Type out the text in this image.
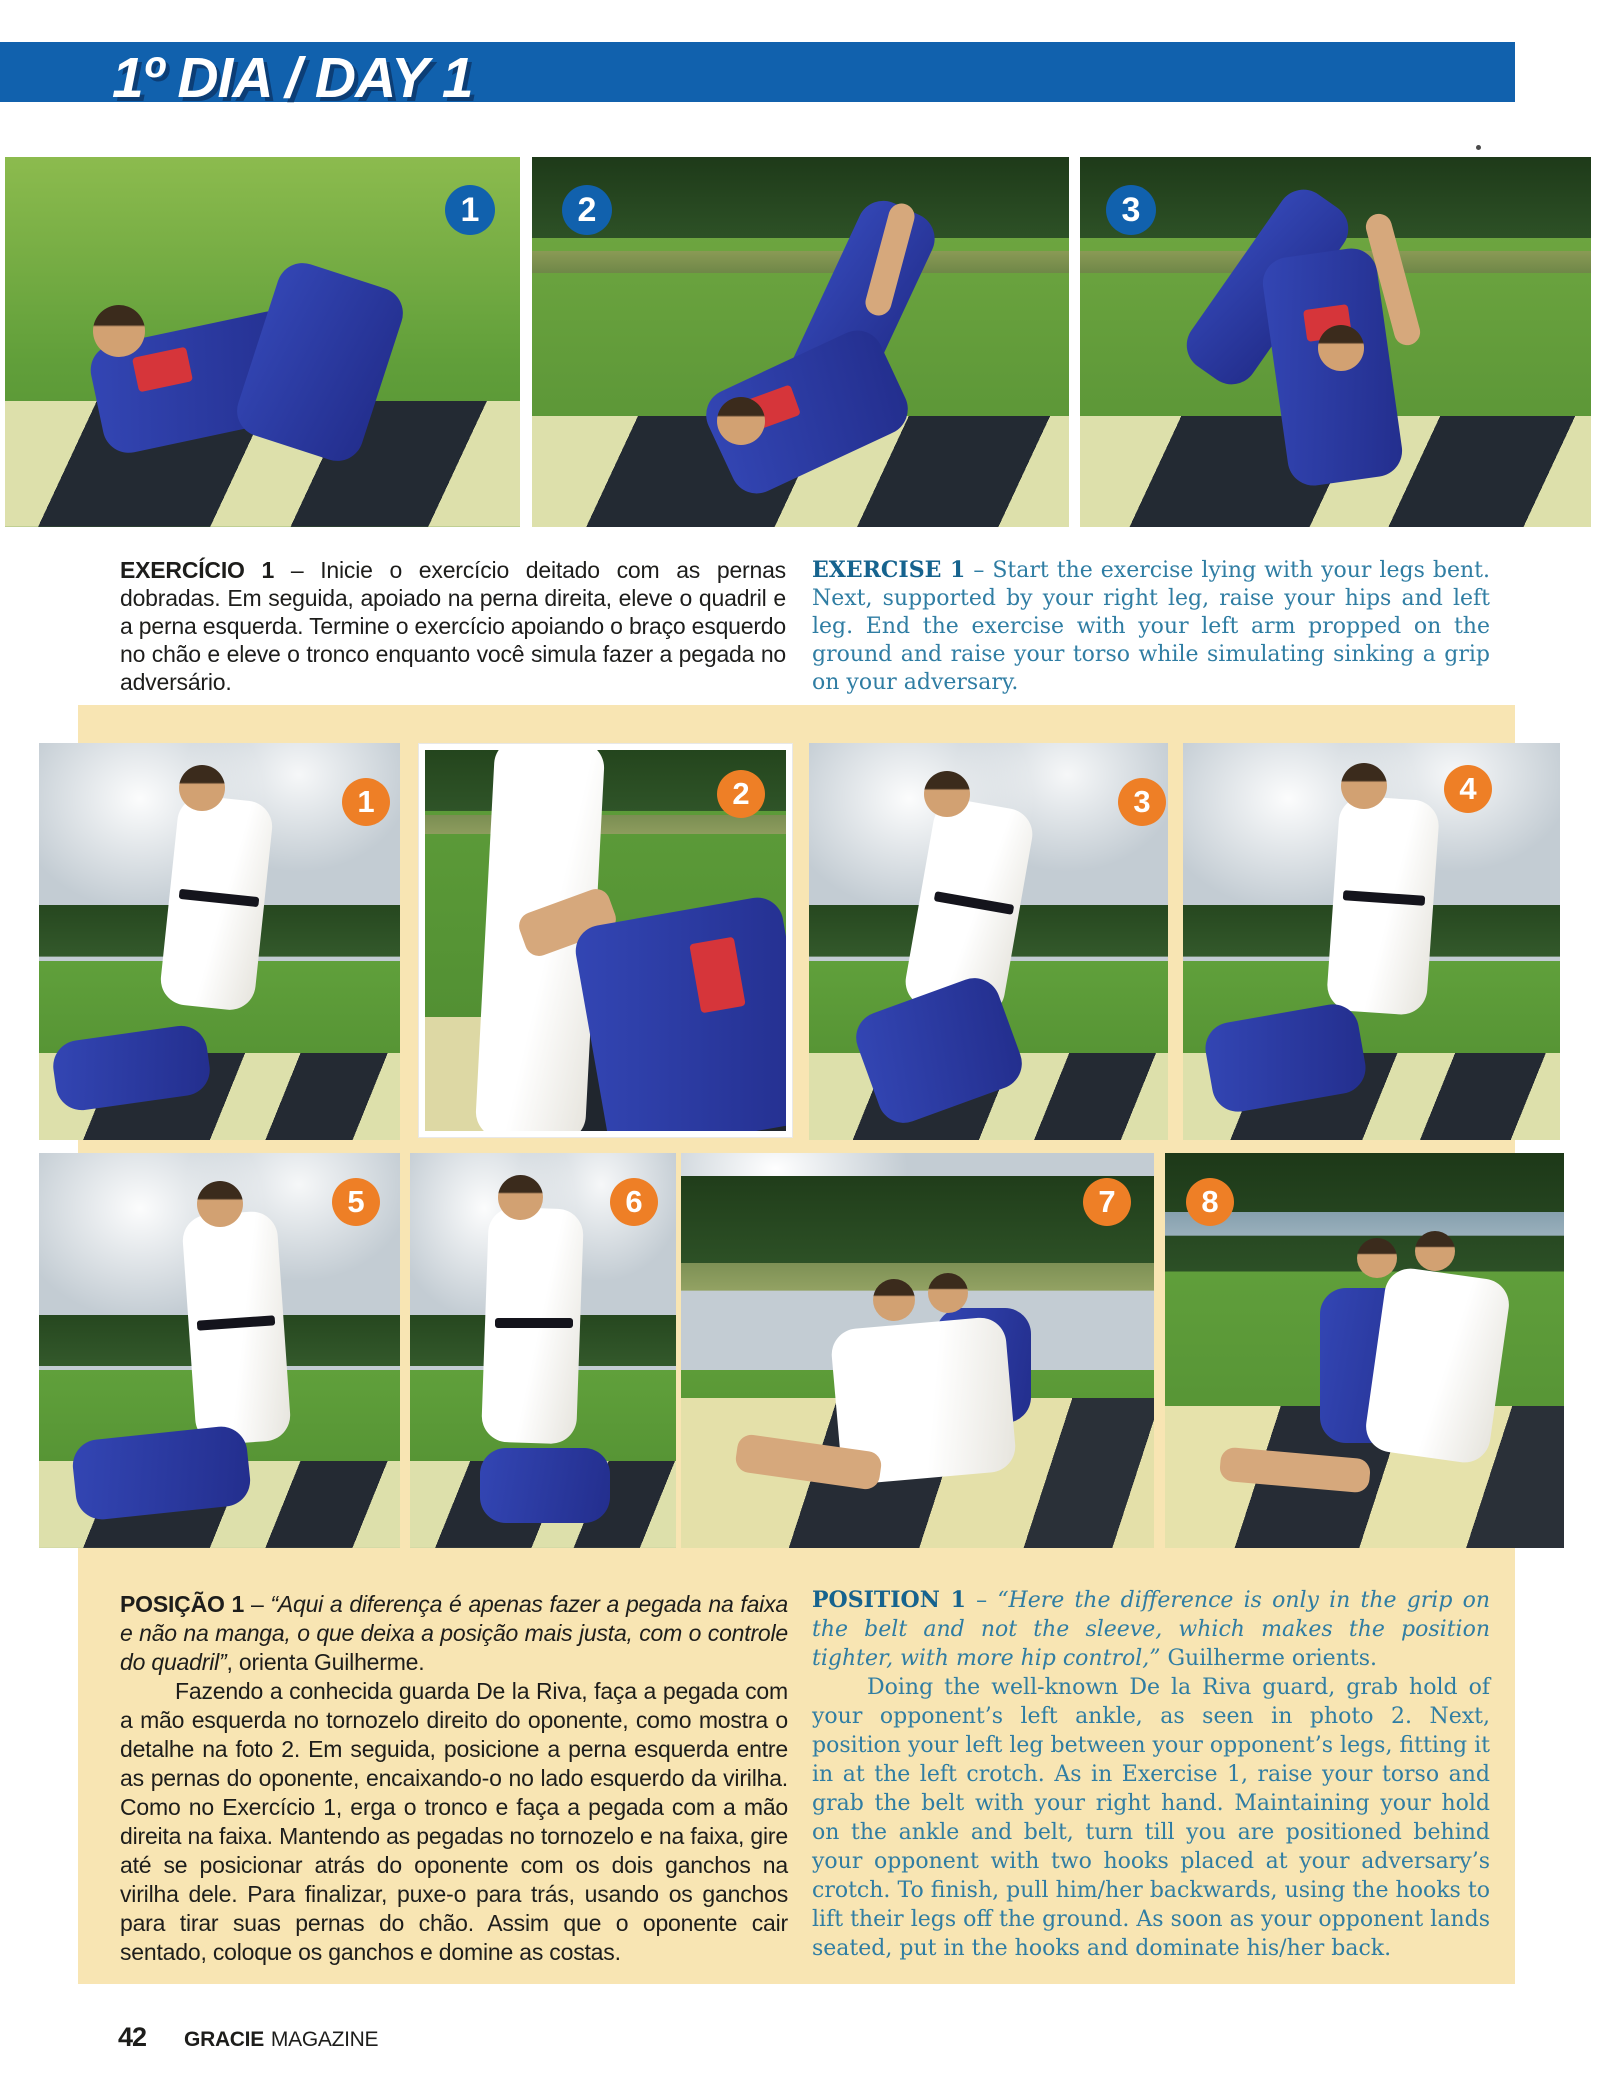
1º DIA / DAY 1
1	2	3

EXERCÍCIO 1 – Inicie o exercício deitado com as pernas dobradas. Em seguida, apoiado na perna direita, eleve o quadril e a perna esquerda. Termine o exercício apoiando o braço esquerdo no chão e eleve o tronco enquanto você simula fazer a pegada no adversário.

EXERCISE 1 – Start the exercise lying with your legs bent. Next, supported by your right leg, raise your hips and left leg. End the exercise with your left arm propped on the ground and raise your torso while simulating sinking a grip on your adversary.

1	2	3	4
5	6	7	8

POSIÇÃO 1 – “Aqui a diferença é apenas fazer a pegada na faixa e não na manga, o que deixa a posição mais justa, com o controle do quadril”, orienta Guilherme.

Fazendo a conhecida guarda De la Riva, faça a pegada com a mão esquerda no tornozelo direito do oponente, como mostra o detalhe na foto 2. Em seguida, posicione a perna esquerda entre as pernas do oponente, encaixando-o no lado esquerdo da virilha. Como no Exercício 1, erga o tronco e faça a pegada com a mão direita na faixa. Mantendo as pegadas no tornozelo e na faixa, gire até se posicionar atrás do oponente com os dois ganchos na virilha dele. Para finalizar, puxe-o para trás, usando os ganchos para tirar suas pernas do chão. Assim que o oponente cair sentado, coloque os ganchos e domine as costas.

POSITION 1 – “Here the difference is only in the grip on the belt and not the sleeve, which makes the position tighter, with more hip control,” Guilherme orients.

Doing the well-known De la Riva guard, grab hold of your opponent’s left ankle, as seen in photo 2. Next, position your left leg between your opponent’s legs, fitting it in at the left crotch. As in Exercise 1, raise your torso and grab the belt with your right hand. Maintaining your hold on the ankle and belt, turn till you are positioned behind your opponent with two hooks placed at your adversary’s crotch. To finish, pull him/her backwards, using the hooks to lift their legs off the ground. As soon as your opponent lands seated, put in the hooks and dominate his/her back.

42 GRACIE MAGAZINE
